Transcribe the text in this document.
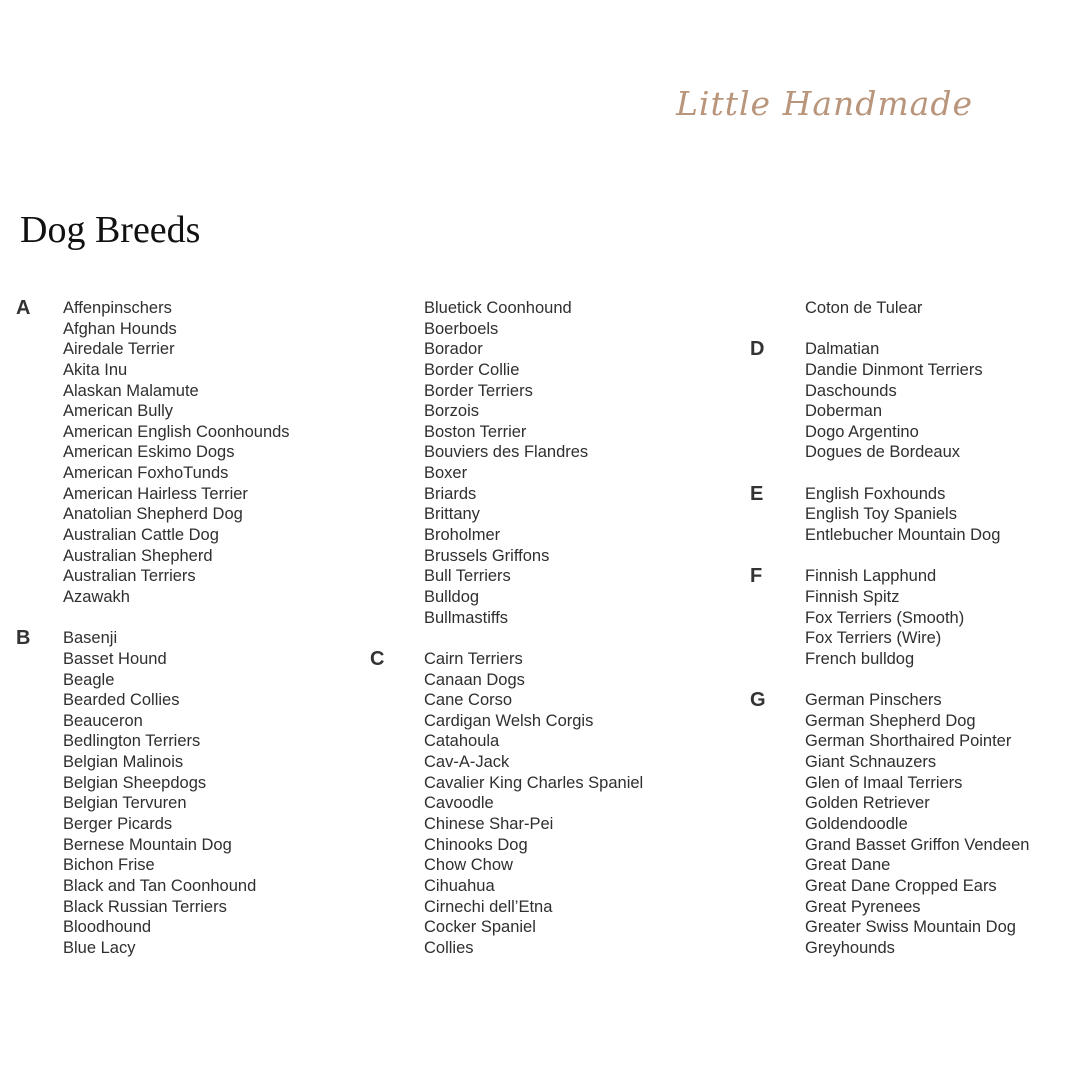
Little Handmade
Dog Breeds
A Affenpinschers
Afghan Hounds
Airedale Terrier
Akita Inu
Alaskan Malamute
American Bully
American English Coonhounds
American Eskimo Dogs
American FoxhoTunds
American Hairless Terrier
Anatolian Shepherd Dog
Australian Cattle Dog
Australian Shepherd
Australian Terriers
Azawakh
B Basenji
Basset Hound
Beagle
Bearded Collies
Beauceron
Bedlington Terriers
Belgian Malinois
Belgian Sheepdogs
Belgian Tervuren
Berger Picards
Bernese Mountain Dog
Bichon Frise
Black and Tan Coonhound
Black Russian Terriers
Bloodhound
Blue Lacy
Bluetick Coonhound
Boerboels
Borador
Border Collie
Border Terriers
Borzois
Boston Terrier
Bouviers des Flandres
Boxer
Briards
Brittany
Broholmer
Brussels Griffons
Bull Terriers
Bulldog
Bullmastiffs
C Cairn Terriers
Canaan Dogs
Cane Corso
Cardigan Welsh Corgis
Catahoula
Cav-A-Jack
Cavalier King Charles Spaniel
Cavoodle
Chinese Shar-Pei
Chinooks Dog
Chow Chow
Cihuahua
Cirnechi dell’Etna
Cocker Spaniel
Collies
Coton de Tulear
D Dalmatian
Dandie Dinmont Terriers
Daschounds
Doberman
Dogo Argentino
Dogues de Bordeaux
E	English Foxhounds
English Toy Spaniels
Entlebucher Mountain Dog
F	Finnish Lapphund
Finnish Spitz
Fox Terriers (Smooth)
Fox Terriers (Wire)
French bulldog
G German Pinschers
German Shepherd Dog
German Shorthaired Pointer
Giant Schnauzers
Glen of Imaal Terriers
Golden Retriever
Goldendoodle
Grand Basset Griffon Vendeen
Great Dane
Great Dane Cropped Ears
Great Pyrenees
Greater Swiss Mountain Dog
Greyhounds
